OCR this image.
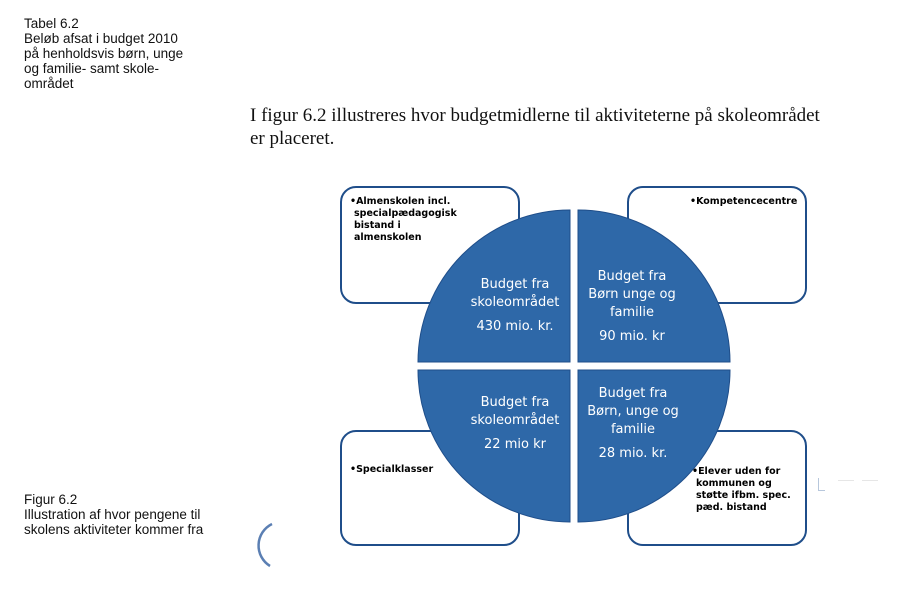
Tabel 6.2
Beløb afsat i budget 2010
på henholdsvis børn, unge
og familie- samt skole-
området
I figur 6.2 illustreres hvor budgetmidlerne til aktiviteterne på skoleområdet
er placeret.
Figur 6.2
Illustration af hvor pengene til
skolens aktiviteter kommer fra
•Almenskolen incl.
specialpædagogisk
bistand i
almenskolen
•Kompetencecentre
•Specialklasser	•Elever uden for
kommunen og
støtte ifbm. spec.
pæd. bistand
Budget fra
skoleområdet
430 mio. kr.
Budget fra
Børn unge og
familie
90 mio. kr
Budget fra
skoleområdet
22 mio kr
Budget fra
Børn, unge og
familie
28 mio. kr.
